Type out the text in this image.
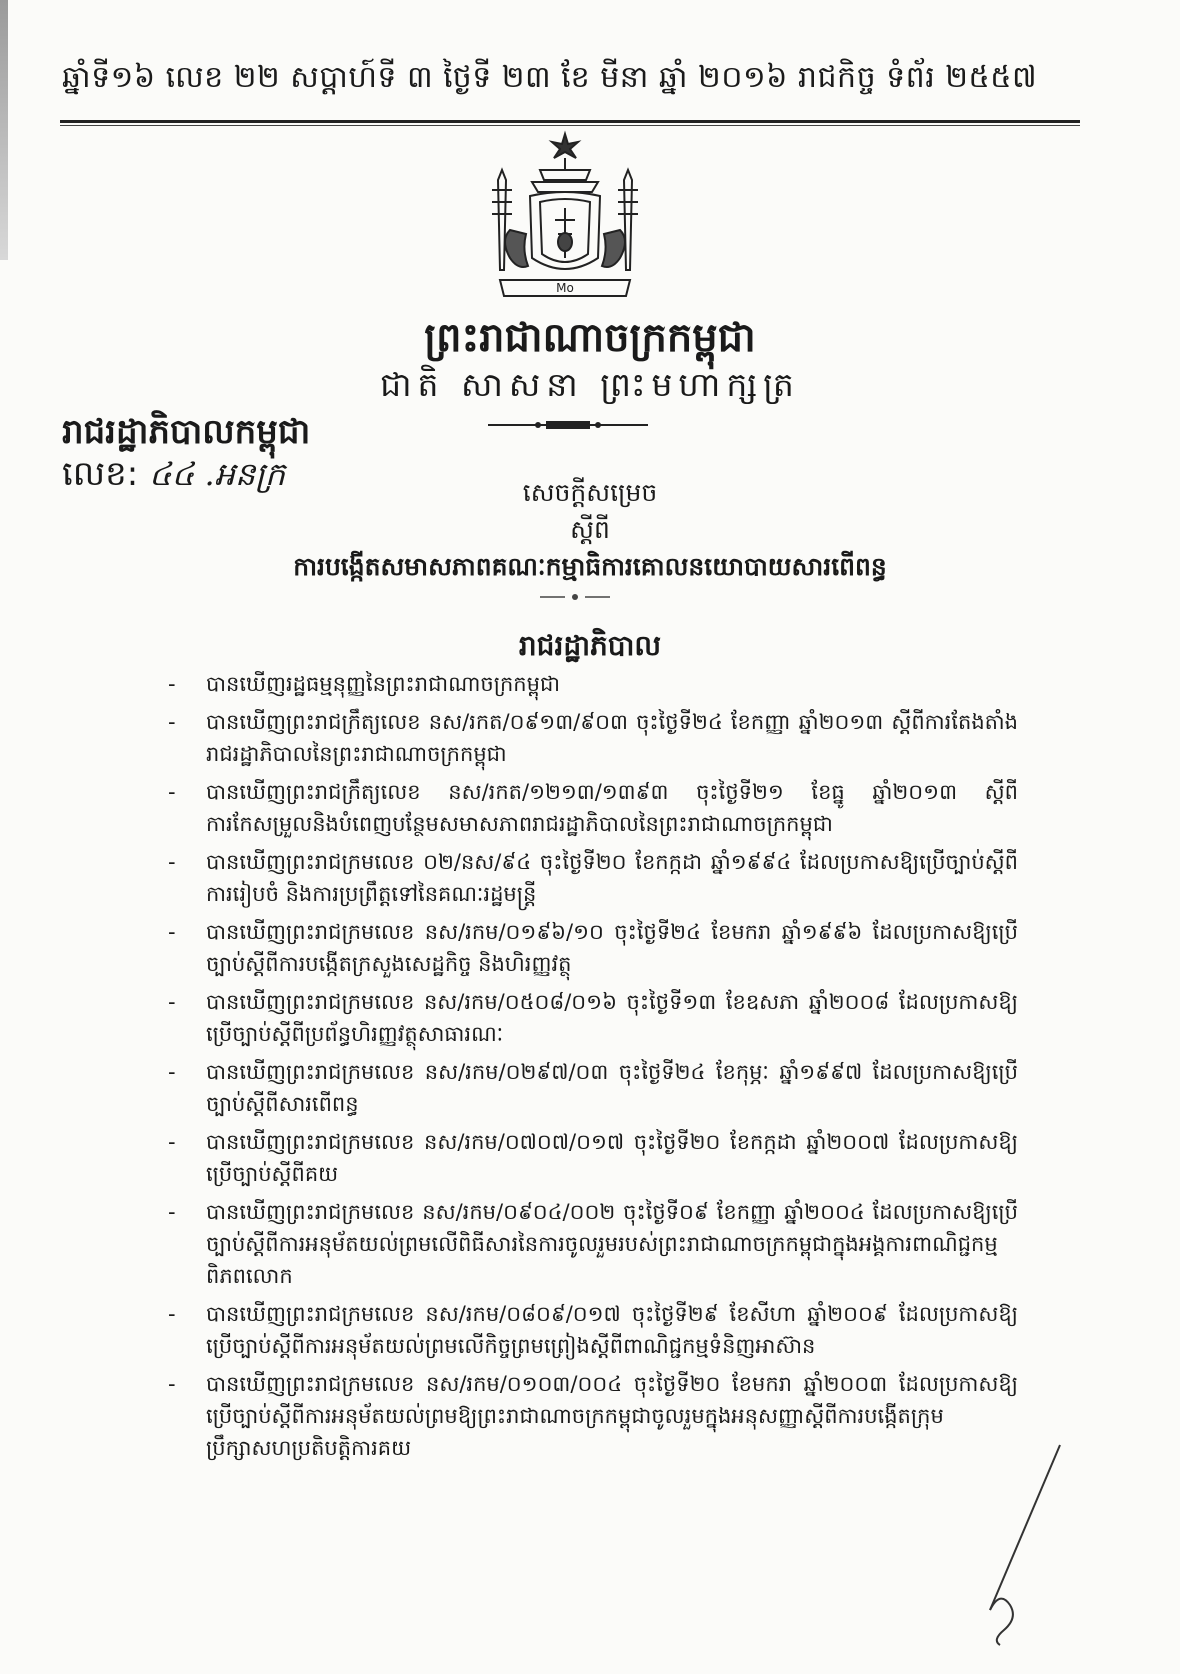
ឆ្នាំទី១៦ លេខ ២២ សប្ដាហ៍ទី ៣ ថ្ងៃទី ២៣ ខែ មីនា ឆ្នាំ ២០១៦ រាជកិច្ច ទំព័រ ២៥៥៧
Mo
ព្រះរាជាណាចក្រកម្ពុជា
ជាតិ សាសនា ព្រះមហាក្សត្រ
រាជរដ្ឋាភិបាលកម្ពុជា
លេខ: ៤៤ .អនក្រ	សេចក្ដីសម្រេច
ស្ដីពី
ការបង្កើតសមាសភាពគណៈកម្មាធិការគោលនយោបាយសារពើពន្ធ
រាជរដ្ឋាភិបាល
- បានឃើញរដ្ឋធម្មនុញ្ញនៃព្រះរាជាណាចក្រកម្ពុជា
- បានឃើញព្រះរាជក្រឹត្យលេខ នស/រកត/០៩១៣/៩០៣ ចុះថ្ងៃទី២៤ ខែកញ្ញា ឆ្នាំ២០១៣ ស្ដីពីការតែងតាំងរាជរដ្ឋាភិបាលនៃព្រះរាជាណាចក្រកម្ពុជា
- បានឃើញព្រះរាជក្រឹត្យលេខ នស/រកត/១២១៣/១៣៩៣ ចុះថ្ងៃទី២១ ខែធ្នូ ឆ្នាំ២០១៣ ស្ដីពីការកែសម្រួលនិងបំពេញបន្ថែមសមាសភាពរាជរដ្ឋាភិបាលនៃព្រះរាជាណាចក្រកម្ពុជា
- បានឃើញព្រះរាជក្រមលេខ ០២/នស/៩៤ ចុះថ្ងៃទី២០ ខែកក្កដា ឆ្នាំ១៩៩៤ ដែលប្រកាសឱ្យប្រើច្បាប់ស្ដីពីការរៀបចំ និងការប្រព្រឹត្តទៅនៃគណៈរដ្ឋមន្ត្រី
- បានឃើញព្រះរាជក្រមលេខ នស/រកម/០១៩៦/១០ ចុះថ្ងៃទី២៤ ខែមករា ឆ្នាំ១៩៩៦ ដែលប្រកាសឱ្យប្រើច្បាប់ស្ដីពីការបង្កើតក្រសួងសេដ្ឋកិច្ច និងហិរញ្ញវត្ថុ
- បានឃើញព្រះរាជក្រមលេខ នស/រកម/០៥០៨/០១៦ ចុះថ្ងៃទី១៣ ខែឧសភា ឆ្នាំ២០០៨ ដែលប្រកាសឱ្យប្រើច្បាប់ស្ដីពីប្រព័ន្ធហិរញ្ញវត្ថុសាធារណៈ
- បានឃើញព្រះរាជក្រមលេខ នស/រកម/០២៩៧/០៣ ចុះថ្ងៃទី២៤ ខែកុម្ភៈ ឆ្នាំ១៩៩៧ ដែលប្រកាសឱ្យប្រើច្បាប់ស្ដីពីសារពើពន្ធ
- បានឃើញព្រះរាជក្រមលេខ នស/រកម/០៧០៧/០១៧ ចុះថ្ងៃទី២០ ខែកក្កដា ឆ្នាំ២០០៧ ដែលប្រកាសឱ្យប្រើច្បាប់ស្ដីពីគយ
- បានឃើញព្រះរាជក្រមលេខ នស/រកម/០៩០៤/០០២ ចុះថ្ងៃទី០៩ ខែកញ្ញា ឆ្នាំ២០០៤ ដែលប្រកាសឱ្យប្រើច្បាប់ស្ដីពីការអនុម័តយល់ព្រមលើពិធីសារនៃការចូលរួមរបស់ព្រះរាជាណាចក្រកម្ពុជាក្នុងអង្គការពាណិជ្ជកម្មពិភពលោក
- បានឃើញព្រះរាជក្រមលេខ នស/រកម/០៨០៩/០១៧ ចុះថ្ងៃទី២៩ ខែសីហា ឆ្នាំ២០០៩ ដែលប្រកាសឱ្យប្រើច្បាប់ស្ដីពីការអនុម័តយល់ព្រមលើកិច្ចព្រមព្រៀងស្ដីពីពាណិជ្ជកម្មទំនិញអាស៊ាន
- បានឃើញព្រះរាជក្រមលេខ នស/រកម/០១០៣/០០៤ ចុះថ្ងៃទី២០ ខែមករា ឆ្នាំ២០០៣ ដែលប្រកាសឱ្យប្រើច្បាប់ស្ដីពីការអនុម័តយល់ព្រមឱ្យព្រះរាជាណាចក្រកម្ពុជាចូលរួមក្នុងអនុសញ្ញាស្ដីពីការបង្កើតក្រុមប្រឹក្សាសហប្រតិបត្តិការគយ
